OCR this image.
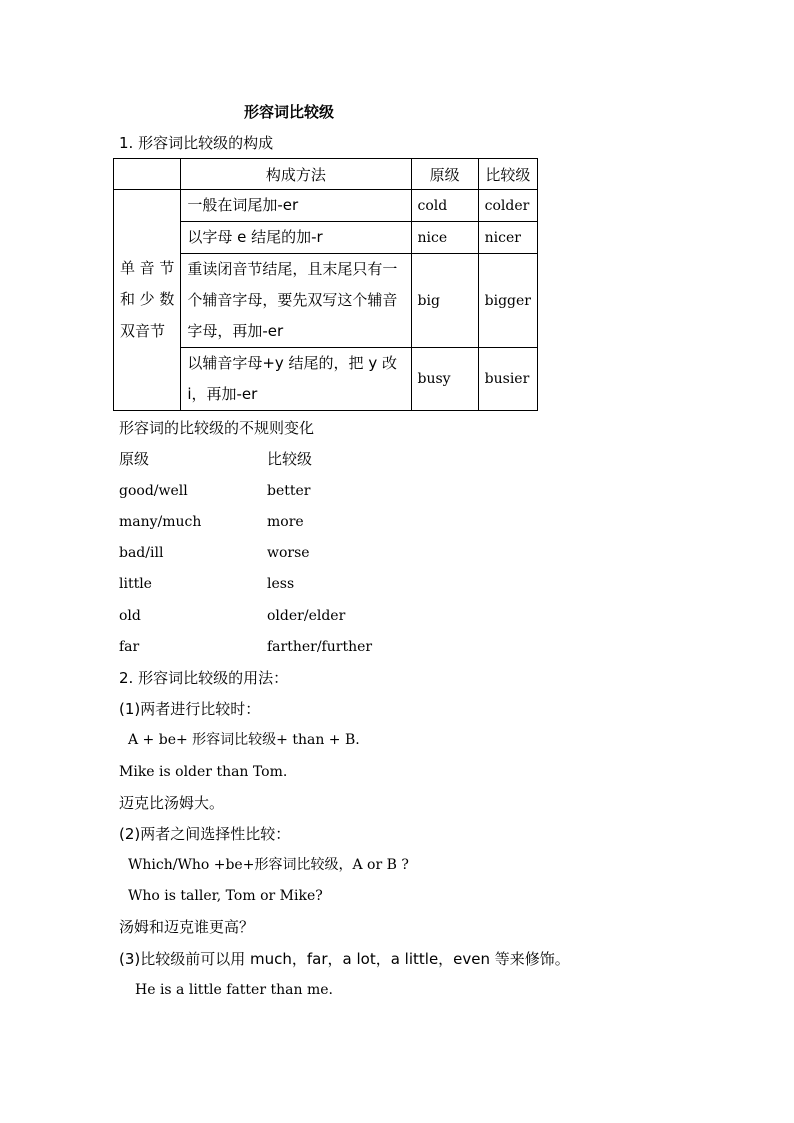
形容词比较级
1. 形容词比较级的构成
	构成方法	原级	比较级
单音节和少数双音节	一般在词尾加-er	cold	colder
	以字母 e 结尾的加-r	nice	nicer
	重读闭音节结尾，且末尾只有一个辅音字母，要先双写这个辅音字母，再加-er	big	bigger
	以辅音字母+y 结尾的，把 y 改 i，再加-er	busy	busier
形容词的比较级的不规则变化
原级	比较级
good/well	better
many/much	more
bad/ill	worse
little	less
old	older/elder
far	farther/further
2. 形容词比较级的用法：
(1)两者进行比较时：
A + be+ 形容词比较级+ than + B.
Mike is older than Tom.
迈克比汤姆大。
(2)两者之间选择性比较：
Which/Who +be+形容词比较级，A or B ?
Who is taller, Tom or Mike?
汤姆和迈克谁更高？
(3)比较级前可以用 much，far，a lot，a little，even 等来修饰。
He is a little fatter than me.
